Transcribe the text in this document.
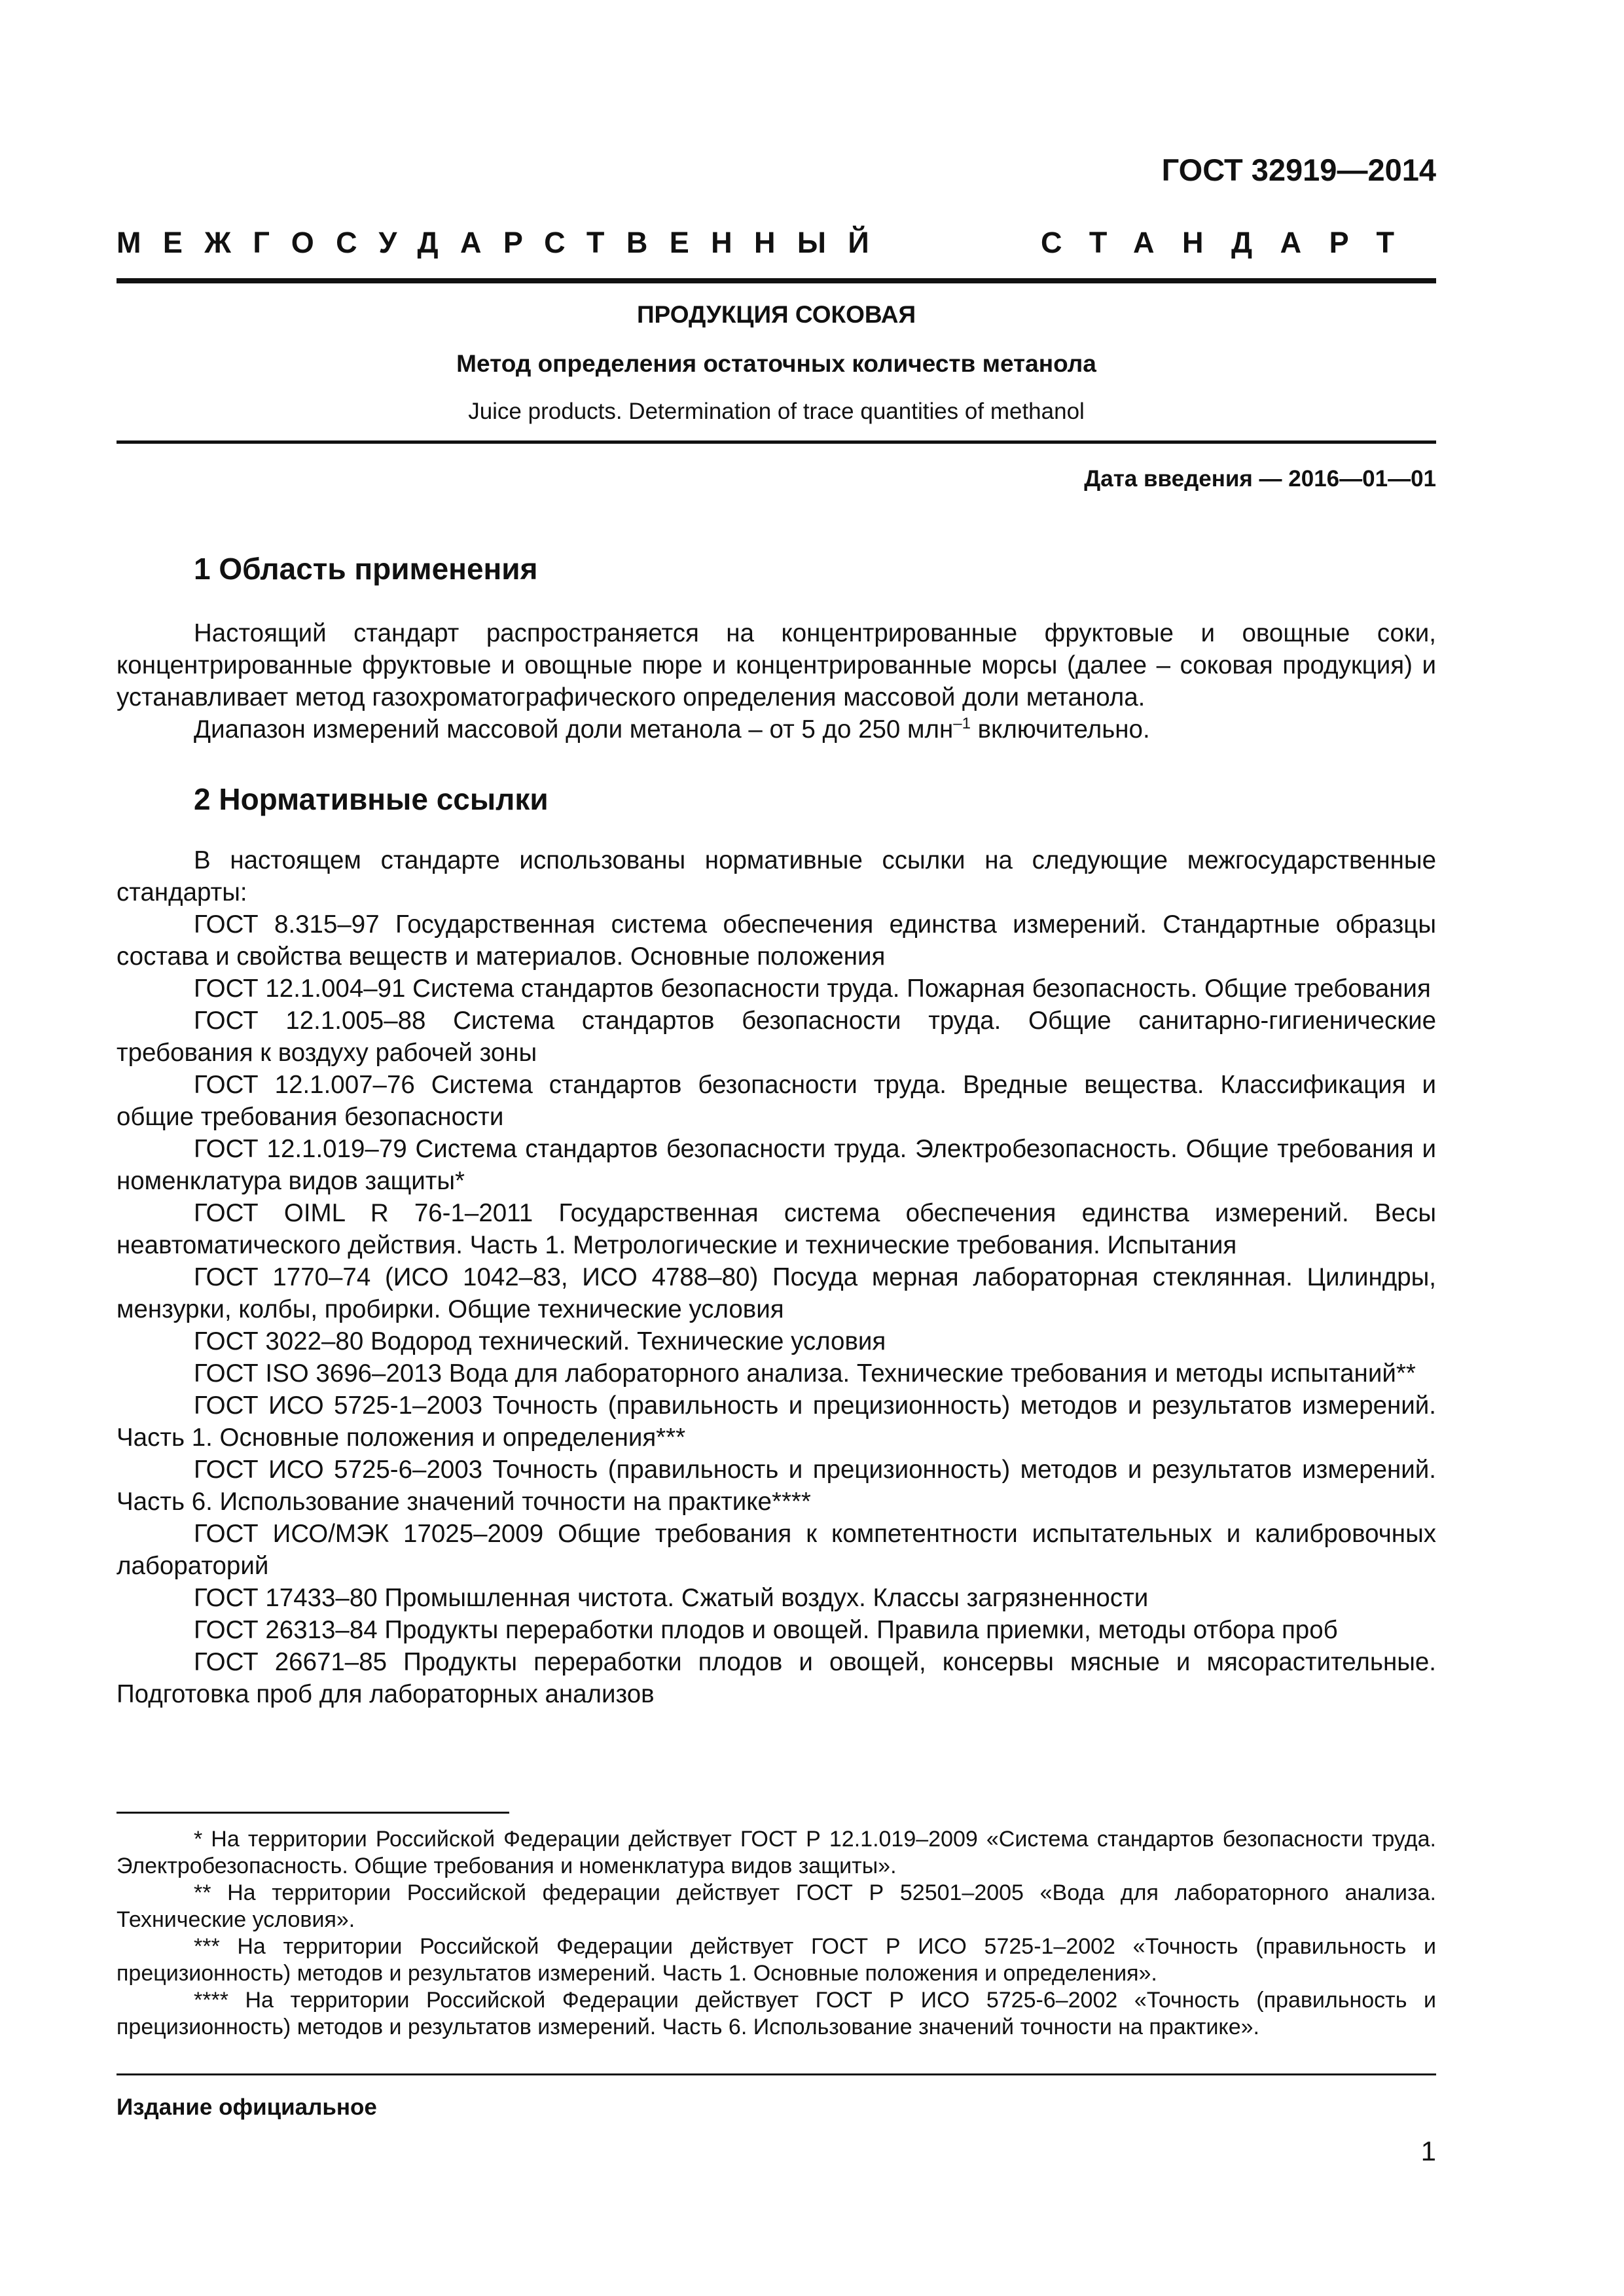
ГОСТ 32919—2014
МЕЖГОСУДАРСТВЕННЫЙ	СТАНДАРТ
ПРОДУКЦИЯ СОКОВАЯ
Метод определения остаточных количеств метанола
Juice products. Determination of trace quantities of methanol
Дата введения — 2016—01—01
1 Область применения

Настоящий стандарт распространяется на концентрированные фруктовые и овощные соки, концентрированные фруктовые и овощные пюре и концентрированные морсы (далее – соковая продукция) и устанавливает метод газохроматографического определения массовой доли метанола.

Диапазон измерений массовой доли метанола – от 5 до 250 млн$^{-1}$ включительно.

2 Нормативные ссылки

В настоящем стандарте использованы нормативные ссылки на следующие межгосударственные стандарты:

ГОСТ 8.315–97 Государственная система обеспечения единства измерений. Стандартные образцы состава и свойства веществ и материалов. Основные положения

ГОСТ 12.1.004–91 Система стандартов безопасности труда. Пожарная безопасность. Общие требования

ГОСТ 12.1.005–88 Система стандартов безопасности труда. Общие санитарно-гигиенические требования к воздуху рабочей зоны

ГОСТ 12.1.007–76 Система стандартов безопасности труда. Вредные вещества. Классификация и общие требования безопасности

ГОСТ 12.1.019–79 Система стандартов безопасности труда. Электробезопасность. Общие требования и номенклатура видов защиты*

ГОСТ OIML R 76-1–2011 Государственная система обеспечения единства измерений. Весы неавтоматического действия. Часть 1. Метрологические и технические требования. Испытания

ГОСТ 1770–74 (ИСО 1042–83, ИСО 4788–80) Посуда мерная лабораторная стеклянная. Цилиндры, мензурки, колбы, пробирки. Общие технические условия

ГОСТ 3022–80 Водород технический. Технические условия

ГОСТ ISO 3696–2013 Вода для лабораторного анализа. Технические требования и методы испытаний**

ГОСТ ИСО 5725-1–2003 Точность (правильность и прецизионность) методов и результатов измерений. Часть 1. Основные положения и определения***

ГОСТ ИСО 5725-6–2003 Точность (правильность и прецизионность) методов и результатов измерений. Часть 6. Использование значений точности на практике****

ГОСТ ИСО/МЭК 17025–2009 Общие требования к компетентности испытательных и калибровочных лабораторий

ГОСТ 17433–80 Промышленная чистота. Сжатый воздух. Классы загрязненности

ГОСТ 26313–84 Продукты переработки плодов и овощей. Правила приемки, методы отбора проб

ГОСТ 26671–85 Продукты переработки плодов и овощей, консервы мясные и мясорастительные. Подготовка проб для лабораторных анализов

* На территории Российской Федерации действует ГОСТ Р 12.1.019–2009 «Система стандартов безопасности труда. Электробезопасность. Общие требования и номенклатура видов защиты».

** На территории Российской федерации действует ГОСТ Р 52501–2005 «Вода для лабораторного анализа. Технические условия».

*** На территории Российской Федерации действует ГОСТ Р ИСО 5725-1–2002 «Точность (правильность и прецизионность) методов и результатов измерений. Часть 1. Основные положения и определения».

**** На территории Российской Федерации действует ГОСТ Р ИСО 5725-6–2002 «Точность (правильность и прецизионность) методов и результатов измерений. Часть 6. Использование значений точности на практике».

Издание официальное
1
